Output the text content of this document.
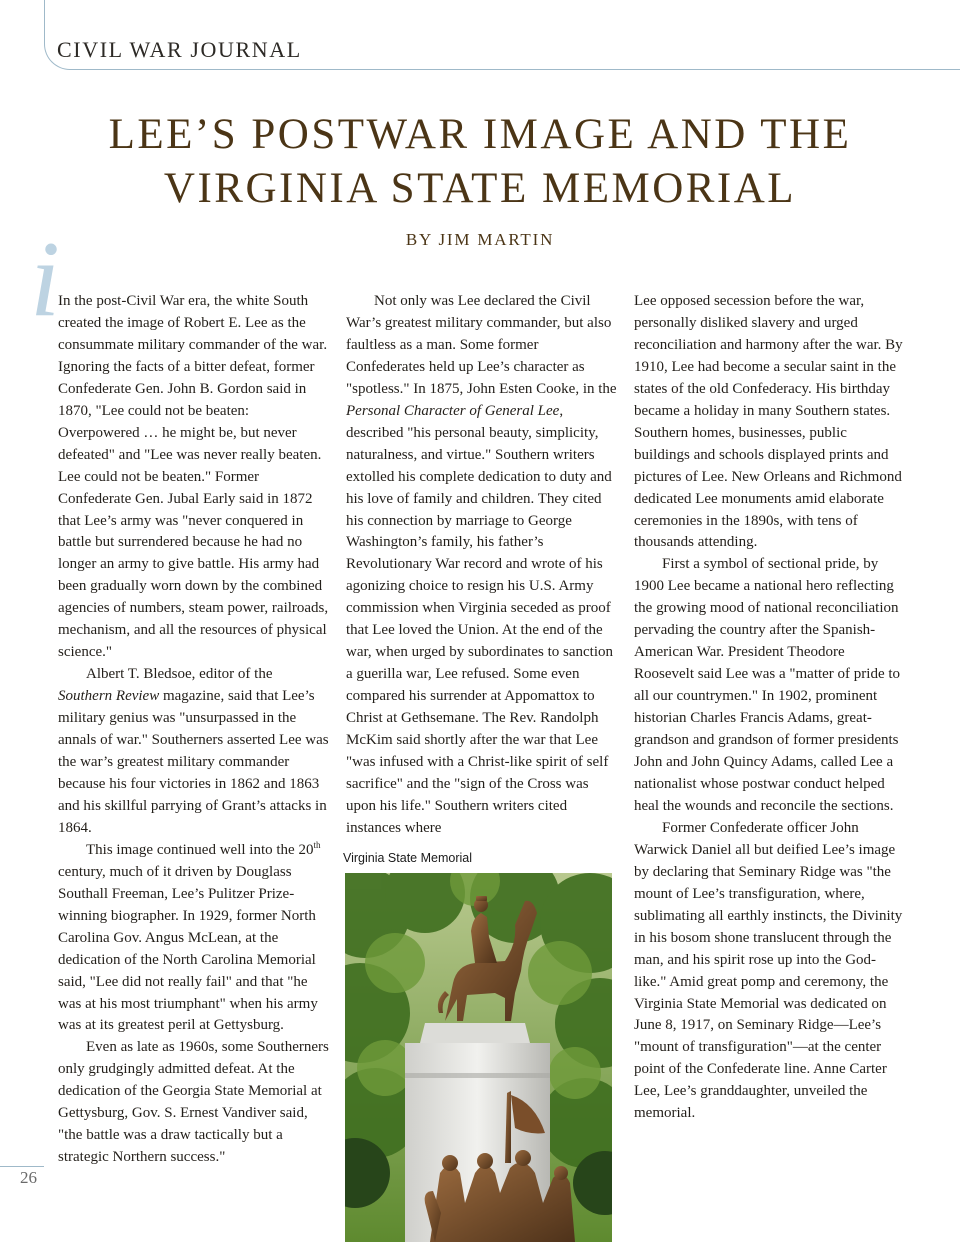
CIVIL WAR JOURNAL
LEE’S POSTWAR IMAGE AND THE
VIRGINIA STATE MEMORIAL
BY JIM MARTIN
i

In the post-Civil War era, the white South created the image of Robert E. Lee as the consummate military commander of the war. Ignoring the facts of a bitter defeat, former Confederate Gen. John B. Gordon said in 1870, "Lee could not be beaten: Overpowered … he might be, but never defeated" and "Lee was never really beaten. Lee could not be beaten." Former Confederate Gen. Jubal Early said in 1872 that Lee’s army was "never conquered in battle but surrendered because he had no longer an army to give battle. His army had been gradually worn down by the combined agencies of numbers, steam power, railroads, mechanism, and all the resources of physical science."

Albert T. Bledsoe, editor of the Southern Review magazine, said that Lee’s military genius was "unsurpassed in the annals of war." Southerners asserted Lee was the war’s greatest military commander because his four victories in 1862 and 1863 and his skillful parrying of Grant’s attacks in 1864.

This image continued well into the 20th century, much of it driven by Douglass Southall Freeman, Lee’s Pulitzer Prize-winning biographer. In 1929, former North Carolina Gov. Angus McLean, at the dedication of the North Carolina Memorial said, "Lee did not really fail" and that "he was at his most triumphant" when his army was at its greatest peril at Gettysburg.

Even as late as 1960s, some Southerners only grudgingly admitted defeat. At the dedication of the Georgia State Memorial at Gettysburg, Gov. S. Ernest Vandiver said, "the battle was a draw tactically but a strategic Northern success."

Not only was Lee declared the Civil War’s greatest military commander, but also faultless as a man. Some former Confederates held up Lee’s character as "spotless." In 1875, John Esten Cooke, in the Personal Character of General Lee, described "his personal beauty, simplicity, naturalness, and virtue." Southern writers extolled his complete dedication to duty and his love of family and children. They cited his connection by marriage to George Washington’s family, his father’s Revolutionary War record and wrote of his agonizing choice to resign his U.S. Army commission when Virginia seceded as proof that Lee loved the Union. At the end of the war, when urged by subordinates to sanction a guerilla war, Lee refused. Some even compared his surrender at Appomattox to Christ at Gethsemane. The Rev. Randolph McKim said shortly after the war that Lee "was infused with a Christ-like spirit of self sacrifice" and the "sign of the Cross was upon his life." Southern writers cited instances where

Virginia State Memorial

Lee opposed secession before the war, personally disliked slavery and urged reconciliation and harmony after the war. By 1910, Lee had become a secular saint in the states of the old Confederacy. His birthday became a holiday in many Southern states. Southern homes, businesses, public buildings and schools displayed prints and pictures of Lee. New Orleans and Richmond dedicated Lee monuments amid elaborate ceremonies in the 1890s, with tens of thousands attending.

First a symbol of sectional pride, by 1900 Lee became a national hero reflecting the growing mood of national reconciliation pervading the country after the Spanish-American War. President Theodore Roosevelt said Lee was a "matter of pride to all our countrymen." In 1902, prominent historian Charles Francis Adams, great-grandson and grandson of former presidents John and John Quincy Adams, called Lee a nationalist whose postwar conduct helped heal the wounds and reconcile the sections.

Former Confederate officer John Warwick Daniel all but deified Lee’s image by declaring that Seminary Ridge was "the mount of Lee’s transfiguration, where, sublimating all earthly instincts, the Divinity in his bosom shone translucent through the man, and his spirit rose up into the God-like." Amid great pomp and ceremony, the Virginia State Memorial was dedicated on June 8, 1917, on Seminary Ridge—Lee’s "mount of transfiguration"—at the center point of the Confederate line. Anne Carter Lee, Lee’s granddaughter, unveiled the memorial.

26
